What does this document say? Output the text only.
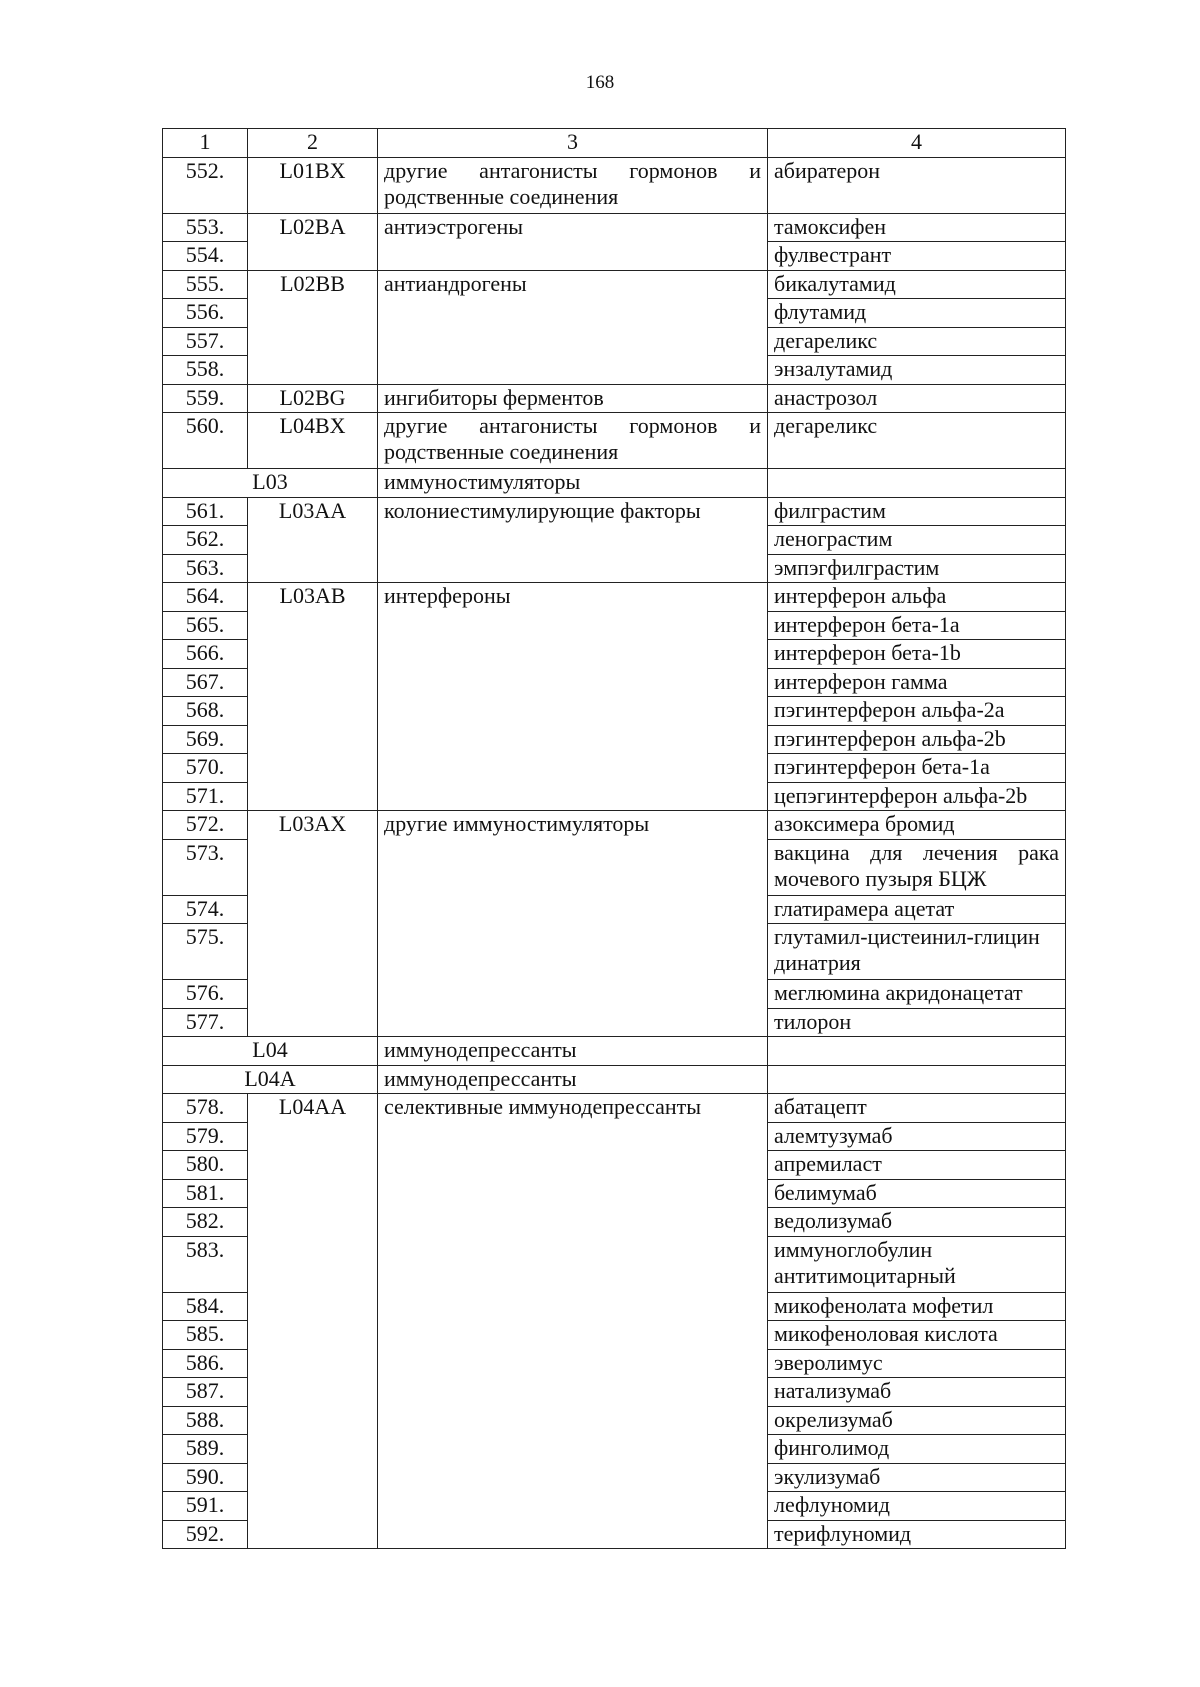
168
1	2	3	4
552.	L01BX	другие антагонисты гормонов и родственные соединения	абиратерон
553.	L02BA	антиэстрогены	тамоксифен
554.			фулвестрант
555.	L02BB	антиандрогены	бикалутамид
556.			флутамид
557.			дегареликс
558.			энзалутамид
559.	L02BG	ингибиторы ферментов	анастрозол
560.	L04BX	другие антагонисты гормонов и родственные соединения	дегареликс
L03		иммуностимуляторы	
561.	L03AA	колониестимулирующие факторы	филграстим
562.			ленограстим
563.			эмпэгфилграстим
564.	L03AB	интерфероны	интерферон альфа
565.			интерферон бета-1a
566.			интерферон бета-1b
567.			интерферон гамма
568.			пэгинтерферон альфа-2a
569.			пэгинтерферон альфа-2b
570.			пэгинтерферон бета-1a
571.			цепэгинтерферон альфа-2b
572.	L03AX	другие иммуностимуляторы	азоксимера бромид
573.			вакцина для лечения рака мочевого пузыря БЦЖ
574.			глатирамера ацетат
575.			глутамил-цистеинил-глицин динатрия
576.			меглюмина акридонацетат
577.			тилорон
L04		иммунодепрессанты	
L04A		иммунодепрессанты	
578.	L04AA	селективные иммунодепрессанты	абатацепт
579.			алемтузумаб
580.			апремиласт
581.			белимумаб
582.			ведолизумаб
583.			иммуноглобулин антитимоцитарный
584.			микофенолата мофетил
585.			микофеноловая кислота
586.			эверолимус
587.			натализумаб
588.			окрелизумаб
589.			финголимод
590.			экулизумаб
591.			лефлуномид
592.			терифлуномид
